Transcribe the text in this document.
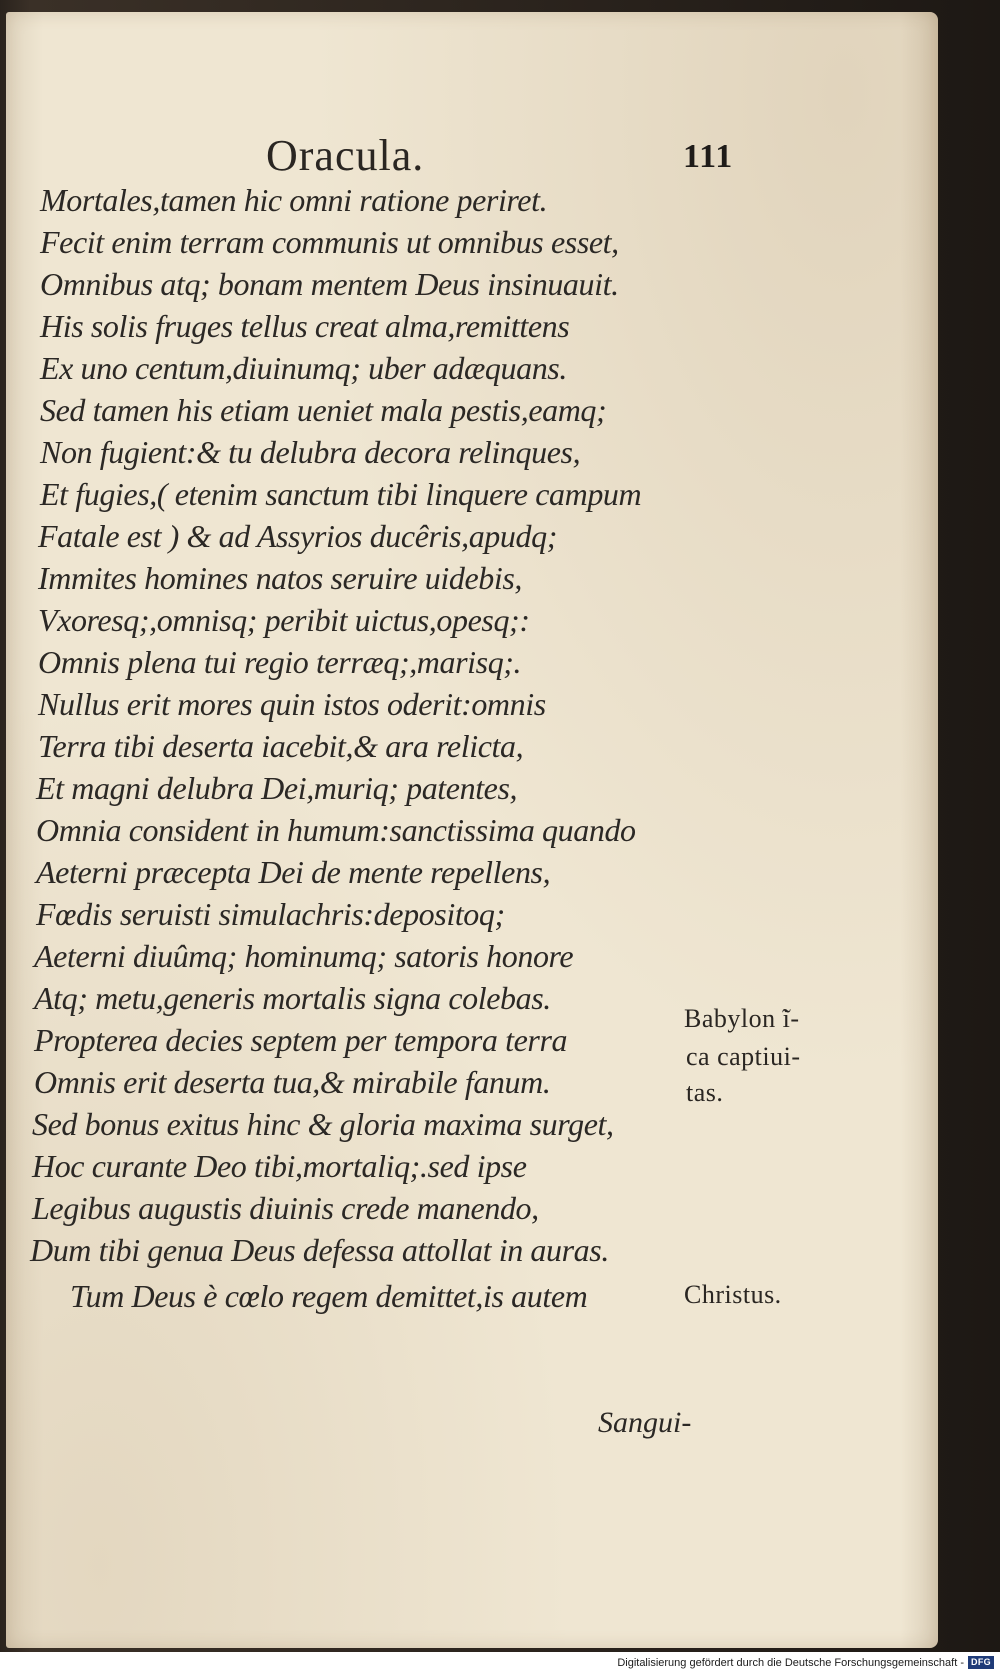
Oracula.	111
Mortales,tamen hic omni ratione periret.
Fecit enim terram communis ut omnibus esset,
Omnibus atq; bonam mentem Deus insinuauit.
His solis fruges tellus creat alma,remittens
Ex uno centum,diuinumq; uber adæquans.
Sed tamen his etiam ueniet mala pestis,eamq;
Non fugient:& tu delubra decora relinques,
Et fugies,( etenim sanctum tibi linquere campum
Fatale est ) & ad Assyrios ducêris,apudq;
Immites homines natos seruire uidebis,
Vxoresq;,omnisq; peribit uictus,opesq;:
Omnis plena tui regio terræq;,marisq;.
Nullus erit mores quin istos oderit:omnis
Terra tibi deserta iacebit,& ara relicta,
Et magni delubra Dei,muriq; patentes,
Omnia consident in humum:sanctissima quando
Aeterni præcepta Dei de mente repellens,
Fœdis seruisti simulachris:depositoq;
Aeterni diuûmq; hominumq; satoris honore
Atq; metu,generis mortalis signa colebas.
Propterea decies septem per tempora terra
Omnis erit deserta tua,& mirabile fanum.
Sed bonus exitus hinc & gloria maxima surget,
Hoc curante Deo tibi,mortaliq;.sed ipse
Legibus augustis diuinis crede manendo,
Dum tibi genua Deus defessa attollat in auras.
Tum Deus è cœlo regem demittet,is autem
Sangui-
Babylon ̃i-
ca captiui-
tas.
Christus.
Digitalisierung gefördert durch die Deutsche Forschungsgemeinschaft - DFG
